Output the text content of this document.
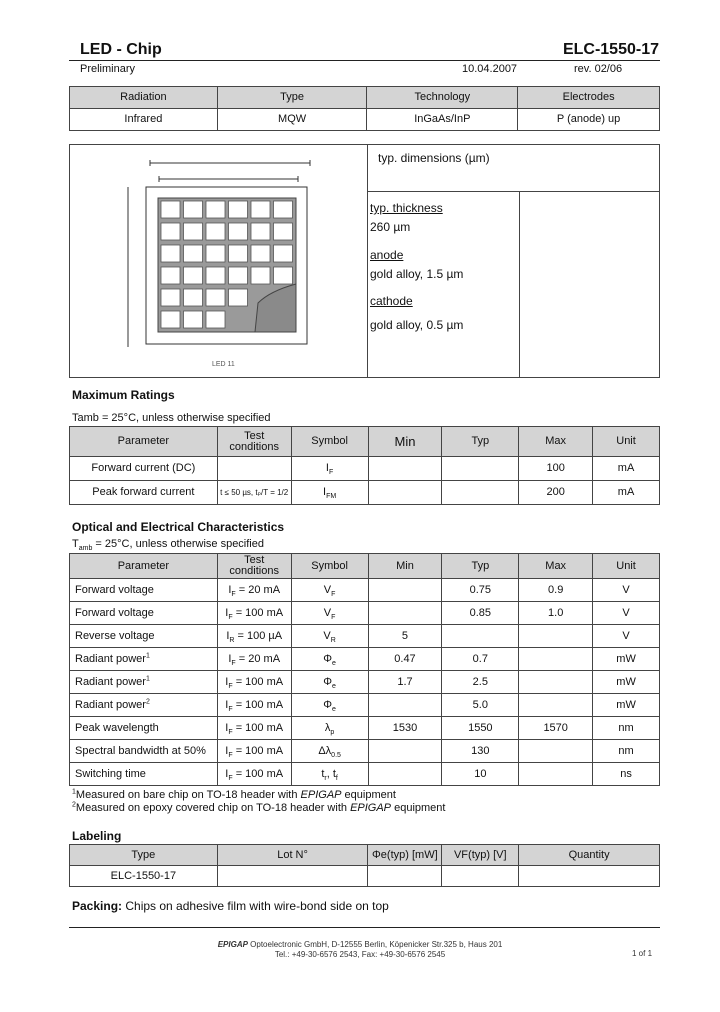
LED - Chip	ELC-1550-17
Preliminary	10.04.2007	rev. 02/06
Radiation	Type	Technology	Electrodes
Infrared	MQW	InGaAs/InP	P (anode) up
LED 11
typ. dimensions (µm)
typ. thickness
260 µm
anode
gold alloy, 1.5 µm
cathode
gold alloy, 0.5 µm
Maximum Ratings
Tamb = 25°C, unless otherwise specified
Parameter	Test conditions	Symbol	Min	Typ	Max	Unit
Forward current (DC)		$I_F$			100	mA
Peak forward current	t ≤ 50 µs, tₚ/T = 1/2	$I_{FM}$			200	mA
Optical and Electrical Characteristics
$T_{amb} = 25^\circ C$, unless otherwise specified
Parameter	Test conditions	Symbol	Min	Typ	Max	Unit
Forward voltage	$I_F = 20$ mA	$V_F$		0.75	0.9	V
Forward voltage	$I_F = 100$ mA	$V_F$		0.85	1.0	V
Reverse voltage	$I_R = 100$ µA	$V_R$	5			V
Radiant power$^1$	$I_F = 20$ mA	$\Phi_e$	0.47	0.7		mW
Radiant power$^1$	$I_F = 100$ mA	$\Phi_e$	1.7	2.5		mW
Radiant power$^2$	$I_F = 100$ mA	$\Phi_e$		5.0		mW
Peak wavelength	$I_F = 100$ mA	$\lambda_p$	1530	1550	1570	nm
Spectral bandwidth at 50%	$I_F = 100$ mA	$\Delta\lambda_{0.5}$		130		nm
Switching time	$I_F = 100$ mA	$t_r$, $t_f$		10		ns
$^1$Measured on bare chip on TO-18 header with EPIGAP equipment
$^2$Measured on epoxy covered chip on TO-18 header with EPIGAP equipment
Labeling
Type	Lot N°	Φe(typ) [mW]	VF(typ) [V]	Quantity
ELC-1550-17				
Packing: Chips on adhesive film with wire-bond side on top
EPIGAP Optoelectronic GmbH, D-12555 Berlin, Köpenicker Str.325 b, Haus 201
Tel.: +49-30-6576 2543, Fax: +49-30-6576 2545	1 of 1
